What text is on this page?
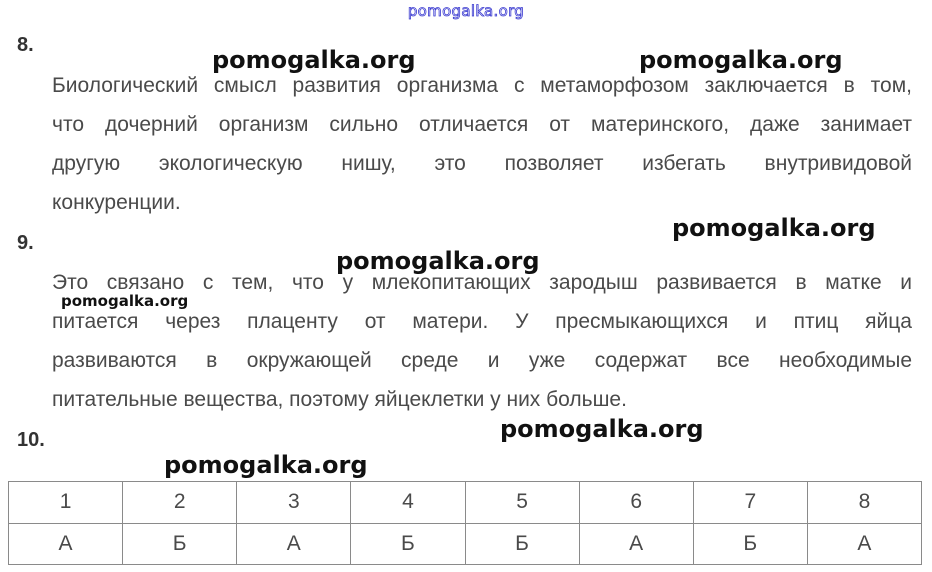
pomogalka.org
8.
Биологический смысл развития организма с метаморфозом заключается в том,
что дочерний организм сильно отличается от материнского, даже занимает
другую экологическую нишу, это позволяет избегать внутривидовой
конкуренции.
9.
Это связано с тем, что у млекопитающих зародыш развивается в матке и
питается через плаценту от матери. У пресмыкающихся и птиц яйца
развиваются в окружающей среде и уже содержат все необходимые
питательные вещества, поэтому яйцеклетки у них больше.
10.
1	2	3	4	5	6	7	8
А	Б	А	Б	Б	А	Б	А
pomogalka.org	pomogalka.org
pomogalka.org
pomogalka.org
pomogalka.org
pomogalka.org
pomogalka.org
